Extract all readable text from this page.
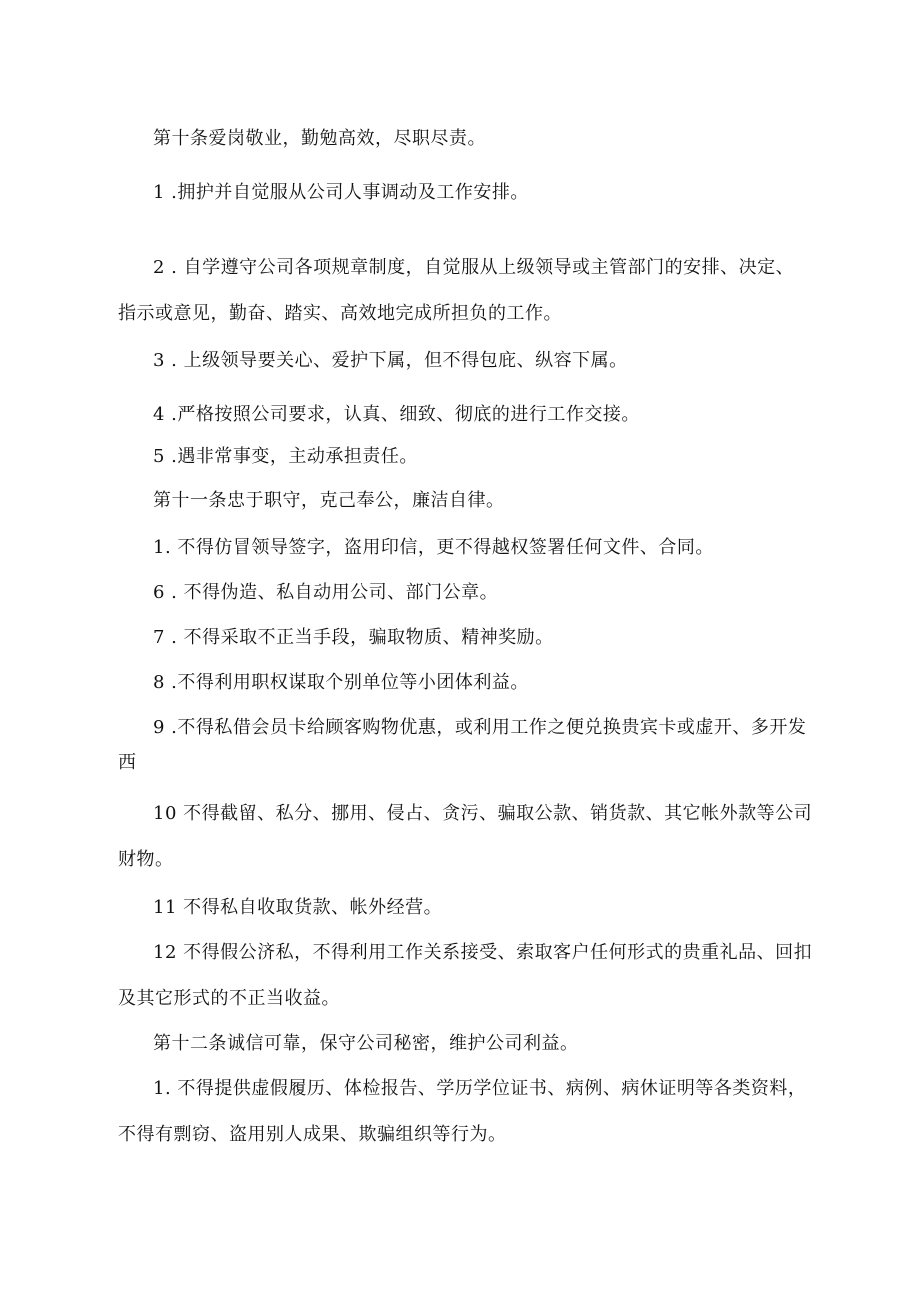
第十条爱岗敬业，勤勉高效，尽职尽责。
1 .拥护并自觉服从公司人事调动及工作安排。
2 . 自学遵守公司各项规章制度，自觉服从上级领导或主管部门的安排、决定、
指示或意见，勤奋、踏实、高效地完成所担负的工作。
3 . 上级领导要关心、爱护下属，但不得包庇、纵容下属。
4 .严格按照公司要求，认真、细致、彻底的进行工作交接。
5 .遇非常事变，主动承担责任。
第十一条忠于职守，克己奉公，廉洁自律。
1. 不得仿冒领导签字，盗用印信，更不得越权签署任何文件、合同。
6 . 不得伪造、私自动用公司、部门公章。
7 . 不得采取不正当手段，骗取物质、精神奖励。
8 .不得利用职权谋取个别单位等小团体利益。
9 .不得私借会员卡给顾客购物优惠，或利用工作之便兑换贵宾卡或虚开、多开发
西
10 不得截留、私分、挪用、侵占、贪污、骗取公款、销货款、其它帐外款等公司
财物。
11 不得私自收取货款、帐外经营。
12 不得假公济私，不得利用工作关系接受、索取客户任何形式的贵重礼品、回扣
及其它形式的不正当收益。
第十二条诚信可靠，保守公司秘密，维护公司利益。
1. 不得提供虚假履历、体检报告、学历学位证书、病例、病休证明等各类资料，
不得有剽窃、盗用别人成果、欺骗组织等行为。
